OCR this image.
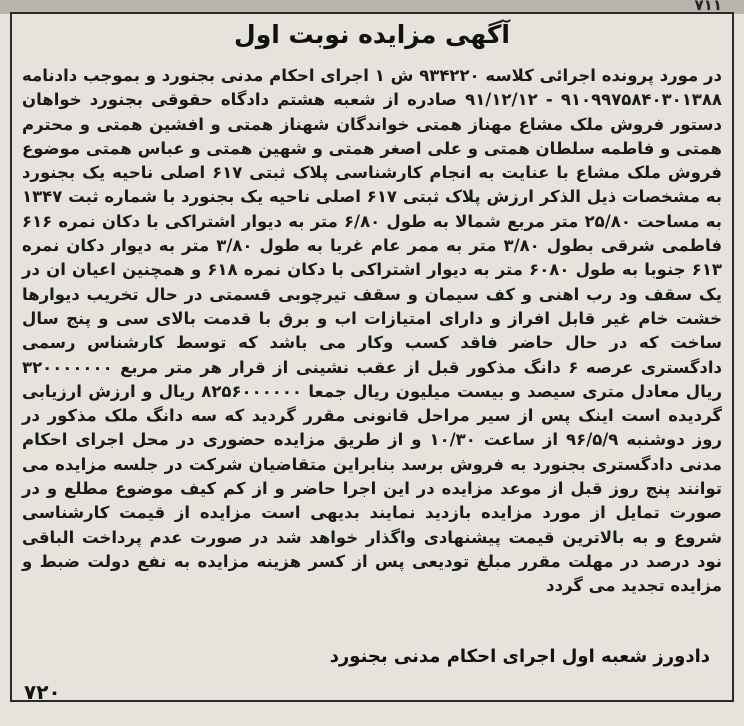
۷۱۱
آگهی مزایده نوبت اول
در مورد پرونده اجرائی کلاسه ۹۳۴۲۲۰ ش ۱ اجرای احکام مدنی بجنورد و بموجب دادنامه ۹۱۰۹۹۷۵۸۴۰۳۰۱۳۸۸ - ۹۱/۱۲/۱۲ صادره از شعبه هشتم دادگاه حقوقی بجنورد خواهان دستور فروش ملک مشاع مهناز همتی خواندگان شهناز همتی و افشین همتی و محترم همتی و فاطمه سلطان همتی و علی اصغر همتی و شهین همتی و عباس همتی موضوع فروش ملک مشاع با عنایت به انجام کارشناسی پلاک ثبتی ۶۱۷ اصلی ناحیه یک بجنورد به مشخصات ذیل الذکر ارزش پلاک ثبتی ۶۱۷ اصلی ناحیه یک بجنورد با شماره ثبت ۱۳۴۷ به مساحت ۲۵/۸۰ متر مربع شمالا به طول ۶/۸۰ متر به دیوار اشتراکی با دکان نمره ۶۱۶ فاطمی شرقی بطول ۳/۸۰ متر به ممر عام غربا به طول ۳/۸۰ متر به دیوار دکان نمره ۶۱۳ جنوبا به طول ۶۰۸۰ متر به دیوار اشتراکی با دکان نمره ۶۱۸ و همچنین اعیان ان در یک سقف ود رب اهنی و کف سیمان و سقف تیرچوبی قسمتی در حال تخریب دیوارها خشت خام غیر قابل افراز و دارای امتیازات اب و برق با قدمت بالای سی و پنج سال ساخت که در حال حاضر فاقد کسب وکار می باشد که توسط کارشناس رسمی دادگستری عرصه ۶ دانگ مذکور قبل از عقب نشینی از قرار هر متر مربع ۳۲۰۰۰۰۰۰۰ ریال معادل متری سیصد و بیست میلیون ریال جمعا ۸۲۵۶۰۰۰۰۰۰ ریال و ارزش ارزیابی گردیده است اینک پس از سیر مراحل قانونی مقرر گردید که سه دانگ ملک مذکور در روز دوشنبه ۹۶/۵/۹ از ساعت ۱۰/۳۰ و از طریق مزایده حضوری در محل اجرای احکام مدنی دادگستری بجنورد به فروش برسد بنابراین متقاضیان شرکت در جلسه مزایده می توانند پنج روز قبل از موعد مزایده در این اجرا حاضر و از کم کیف موضوع مطلع و در صورت تمایل از مورد مزایده بازدید نمایند بدیهی است مزایده از قیمت کارشناسی شروع و به بالاترین قیمت پیشنهادی واگذار خواهد شد در صورت عدم پرداخت الباقی نود درصد در مهلت مقرر مبلغ تودیعی پس از کسر هزینه مزایده به نفع دولت ضبط و مزایده تجدید می گردد
دادورز شعبه اول اجرای احکام مدنی بجنورد
۷۲۰
